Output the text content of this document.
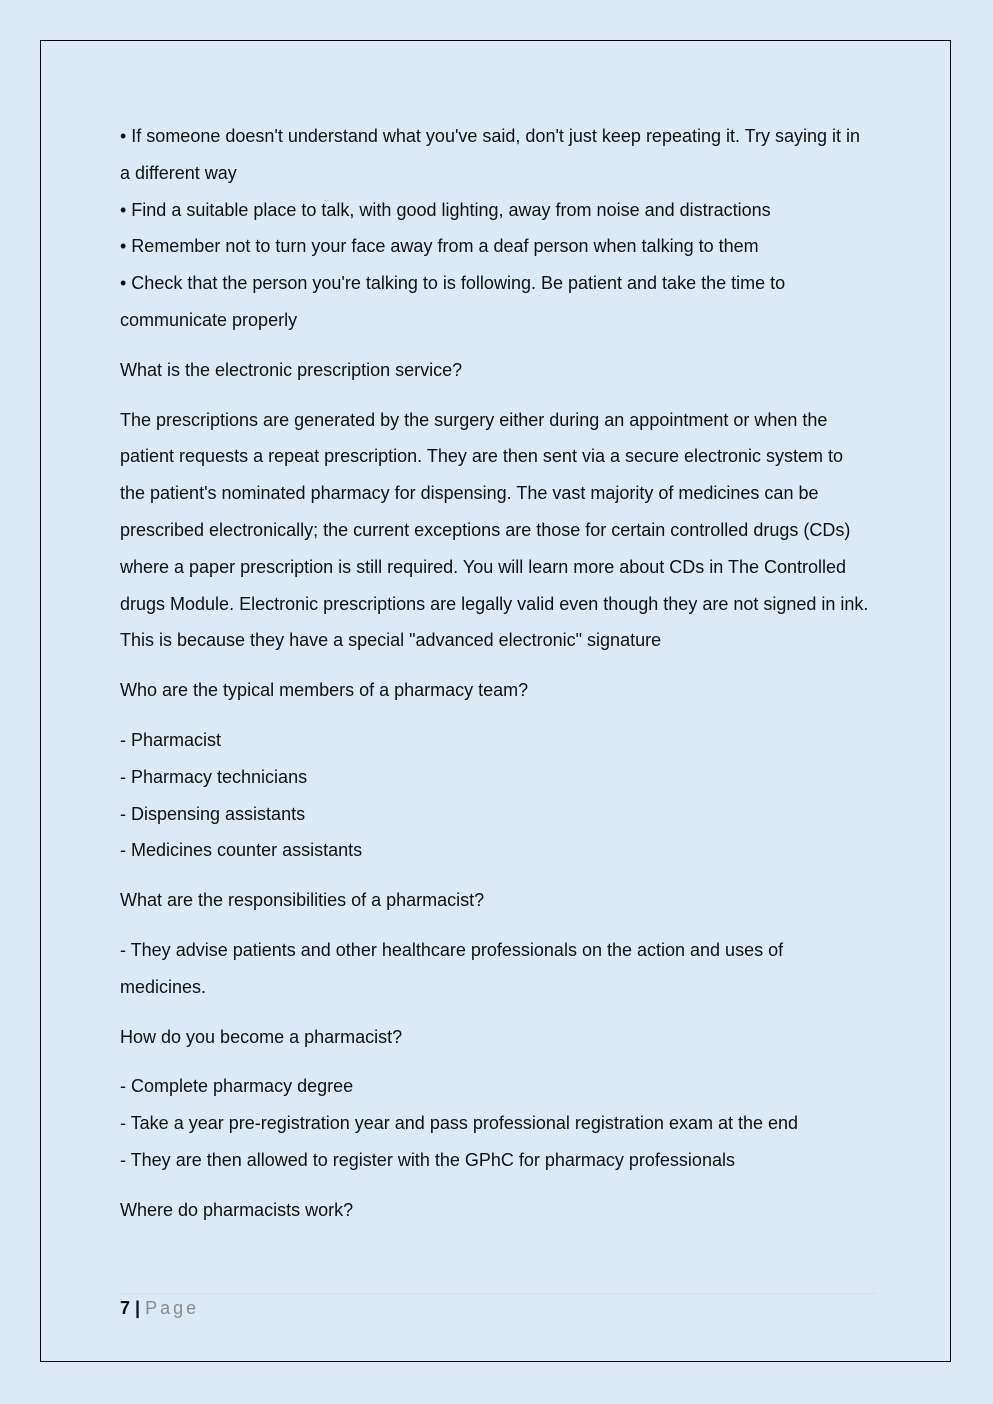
• If someone doesn't understand what you've said, don't just keep repeating it. Try saying it in a different way

• Find a suitable place to talk, with good lighting, away from noise and distractions

• Remember not to turn your face away from a deaf person when talking to them

• Check that the person you're talking to is following. Be patient and take the time to communicate properly

What is the electronic prescription service?

The prescriptions are generated by the surgery either during an appointment or when the patient requests a repeat prescription. They are then sent via a secure electronic system to the patient's nominated pharmacy for dispensing. The vast majority of medicines can be prescribed electronically; the current exceptions are those for certain controlled drugs (CDs) where a paper prescription is still required. You will learn more about CDs in The Controlled drugs Module. Electronic prescriptions are legally valid even though they are not signed in ink. This is because they have a special "advanced electronic" signature

Who are the typical members of a pharmacy team?

- Pharmacist

- Pharmacy technicians

- Dispensing assistants

- Medicines counter assistants

What are the responsibilities of a pharmacist?

- They advise patients and other healthcare professionals on the action and uses of medicines.

How do you become a pharmacist?

- Complete pharmacy degree

- Take a year pre-registration year and pass professional registration exam at the end

- They are then allowed to register with the GPhC for pharmacy professionals

Where do pharmacists work?

7 | Page
